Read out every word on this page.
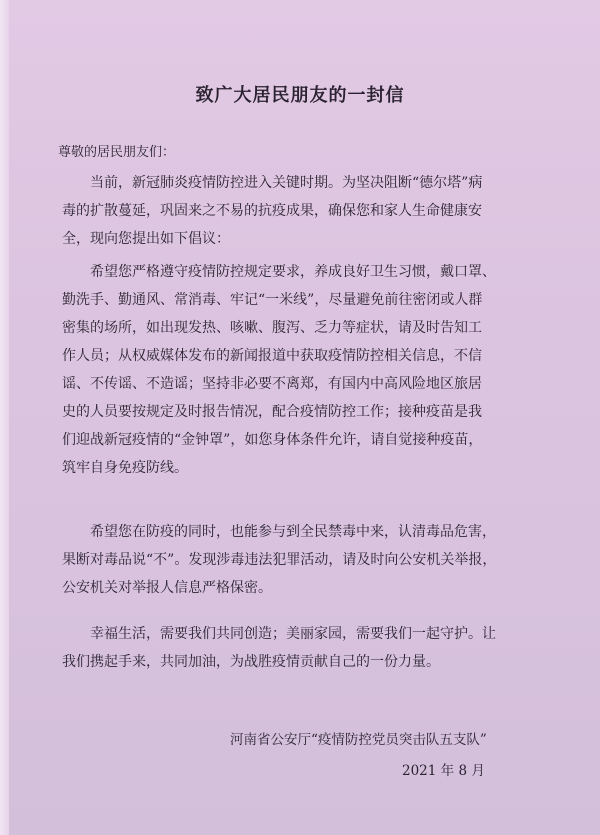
致广大居民朋友的一封信
尊敬的居民朋友们：
　　当前，新冠肺炎疫情防控进入关键时期。为坚决阻断“德尔塔”病
毒的扩散蔓延，巩固来之不易的抗疫成果，确保您和家人生命健康安
全，现向您提出如下倡议：
　　希望您严格遵守疫情防控规定要求，养成良好卫生习惯，戴口罩、
勤洗手、勤通风、常消毒、牢记“一米线”，尽量避免前往密闭或人群
密集的场所，如出现发热、咳嗽、腹泻、乏力等症状，请及时告知工
作人员；从权威媒体发布的新闻报道中获取疫情防控相关信息，不信
谣、不传谣、不造谣；坚持非必要不离郑，有国内中高风险地区旅居
史的人员要按规定及时报告情况，配合疫情防控工作；接种疫苗是我
们迎战新冠疫情的“金钟罩”，如您身体条件允许，请自觉接种疫苗，
筑牢自身免疫防线。
　　希望您在防疫的同时，也能参与到全民禁毒中来，认清毒品危害，
果断对毒品说“不”。发现涉毒违法犯罪活动，请及时向公安机关举报，
公安机关对举报人信息严格保密。
　　幸福生活，需要我们共同创造；美丽家园，需要我们一起守护。让
我们携起手来，共同加油，为战胜疫情贡献自己的一份力量。
河南省公安厅“疫情防控党员突击队五支队”
2021 年 8 月
